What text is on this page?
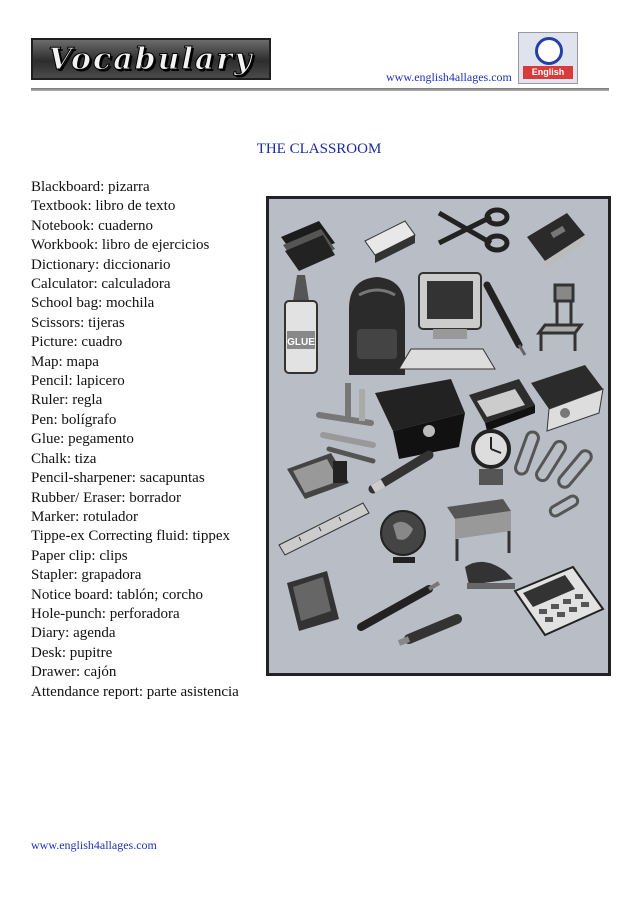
Vocabulary
www.english4allages.com	English
THE CLASSROOM
Blackboard: pizarra
Textbook: libro de texto
Notebook: cuaderno
Workbook: libro de ejercicios
Dictionary: diccionario
Calculator: calculadora
School bag: mochila
Scissors: tijeras
Picture: cuadro
Map: mapa
Pencil: lapicero
Ruler: regla
Pen: bolígrafo
Glue: pegamento
Chalk: tiza
Pencil-sharpener: sacapuntas
Rubber/ Eraser: borrador
Marker: rotulador
Tippe-ex Correcting fluid: tippex
Paper clip: clips
Stapler: grapadora
Notice board: tablón; corcho
Hole-punch: perforadora
Diary: agenda
Desk: pupitre
Drawer: cajón
Attendance report: parte asistencia
GLUE
www.english4allages.com
